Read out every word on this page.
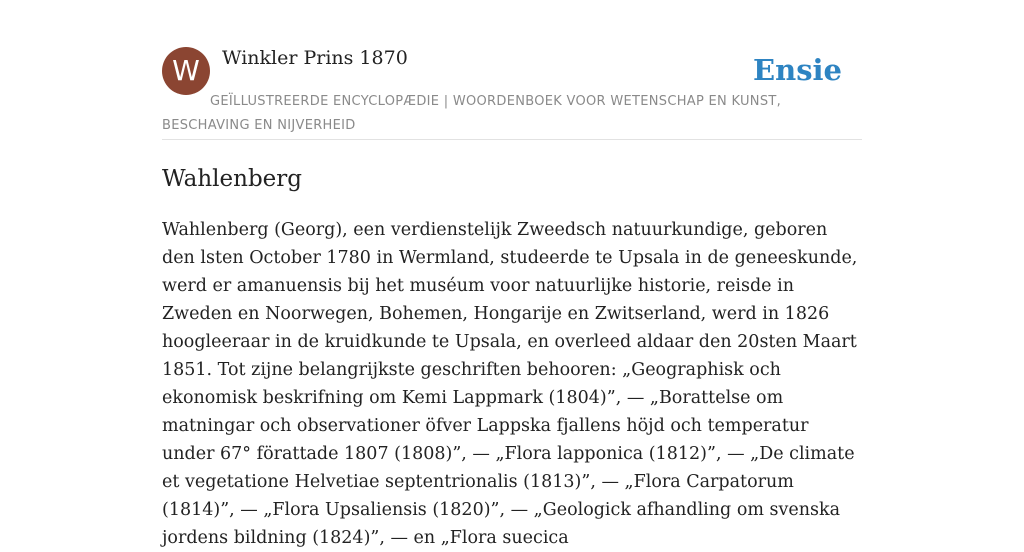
W	Winkler Prins 1870	Ensie
GEÏLLUSTREERDE ENCYCLOPÆDIE | WOORDENBOEK VOOR WETENSCHAP EN KUNST, BESCHAVING EN NIJVERHEID
Wahlenberg

Wahlenberg (Georg), een verdienstelijk Zweedsch natuurkundige, geboren den lsten October 1780 in Wermland, studeerde te Upsala in de geneeskunde, werd er amanuensis bij het muséum voor natuurlijke historie, reisde in Zweden en Noorwegen, Bohemen, Hongarije en Zwitserland, werd in 1826 hoogleeraar in de kruidkunde te Upsala, en overleed aldaar den 20sten Maart 1851. Tot zijne belangrijkste geschriften behooren: „Geographisk och ekonomisk beskrifning om Kemi Lappmark (1804)”, — „Borattelse om matningar och observationer öfver Lappska fjallens höjd och temperatur under 67° förattade 1807 (1808)”, — „Flora lapponica (1812)”, — „De climate et vegetatione Helvetiae septentrionalis (1813)”, — „Flora Carpatorum (1814)”, — „Flora Upsaliensis (1820)”, — „Geologick afhandling om svenska jordens bildning (1824)”, — en „Flora suecica
